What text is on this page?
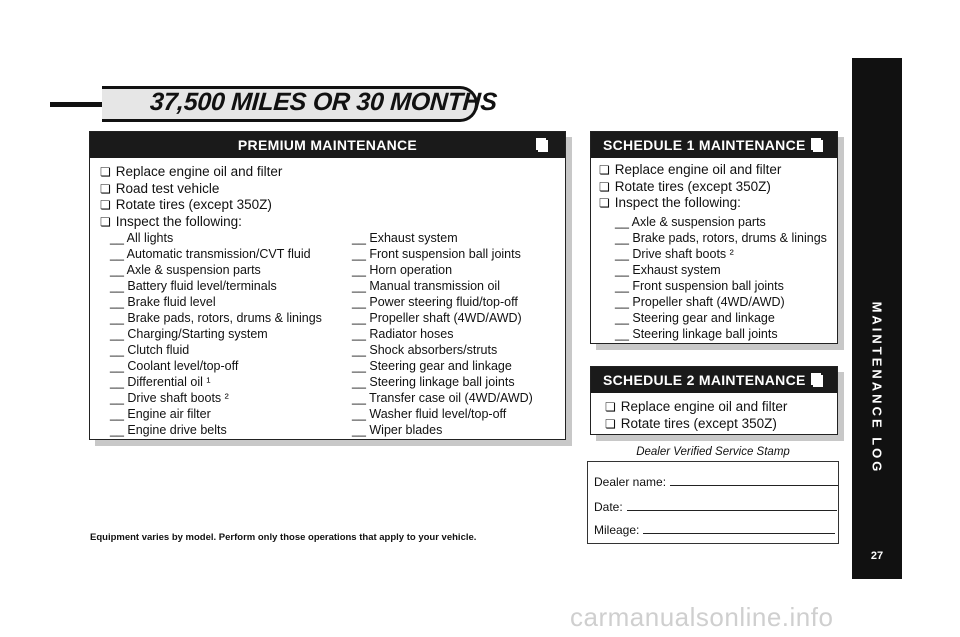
37,500 MILES OR 30 MONTHS
PREMIUM MAINTENANCE
❏ Replace engine oil and filter
❏ Road test vehicle
❏ Rotate tires (except 350Z)
❏ Inspect the following:
__ All lights
__ Automatic transmission/CVT fluid
__ Axle & suspension parts
__ Battery fluid level/terminals
__ Brake fluid level
__ Brake pads, rotors, drums & linings
__ Charging/Starting system
__ Clutch fluid
__ Coolant level/top-off
__ Differential oil ¹
__ Drive shaft boots ²
__ Engine air filter
__ Engine drive belts
__ Exhaust system
__ Front suspension ball joints
__ Horn operation
__ Manual transmission oil
__ Power steering fluid/top-off
__ Propeller shaft (4WD/AWD)
__ Radiator hoses
__ Shock absorbers/struts
__ Steering gear and linkage
__ Steering linkage ball joints
__ Transfer case oil (4WD/AWD)
__ Washer fluid level/top-off
__ Wiper blades
SCHEDULE 1 MAINTENANCE
❏ Replace engine oil and filter
❏ Rotate tires (except 350Z)
❏ Inspect the following:
__ Axle & suspension parts
__ Brake pads, rotors, drums & linings
__ Drive shaft boots ²
__ Exhaust system
__ Front suspension ball joints
__ Propeller shaft (4WD/AWD)
__ Steering gear and linkage
__ Steering linkage ball joints
SCHEDULE 2 MAINTENANCE
❏ Replace engine oil and filter
❏ Rotate tires (except 350Z)
Dealer Verified Service Stamp
Dealer name:
Date:
Mileage:
Equipment varies by model. Perform only those operations that apply to your vehicle.
MAINTENANCE LOG
27
carmanualsonline.info
